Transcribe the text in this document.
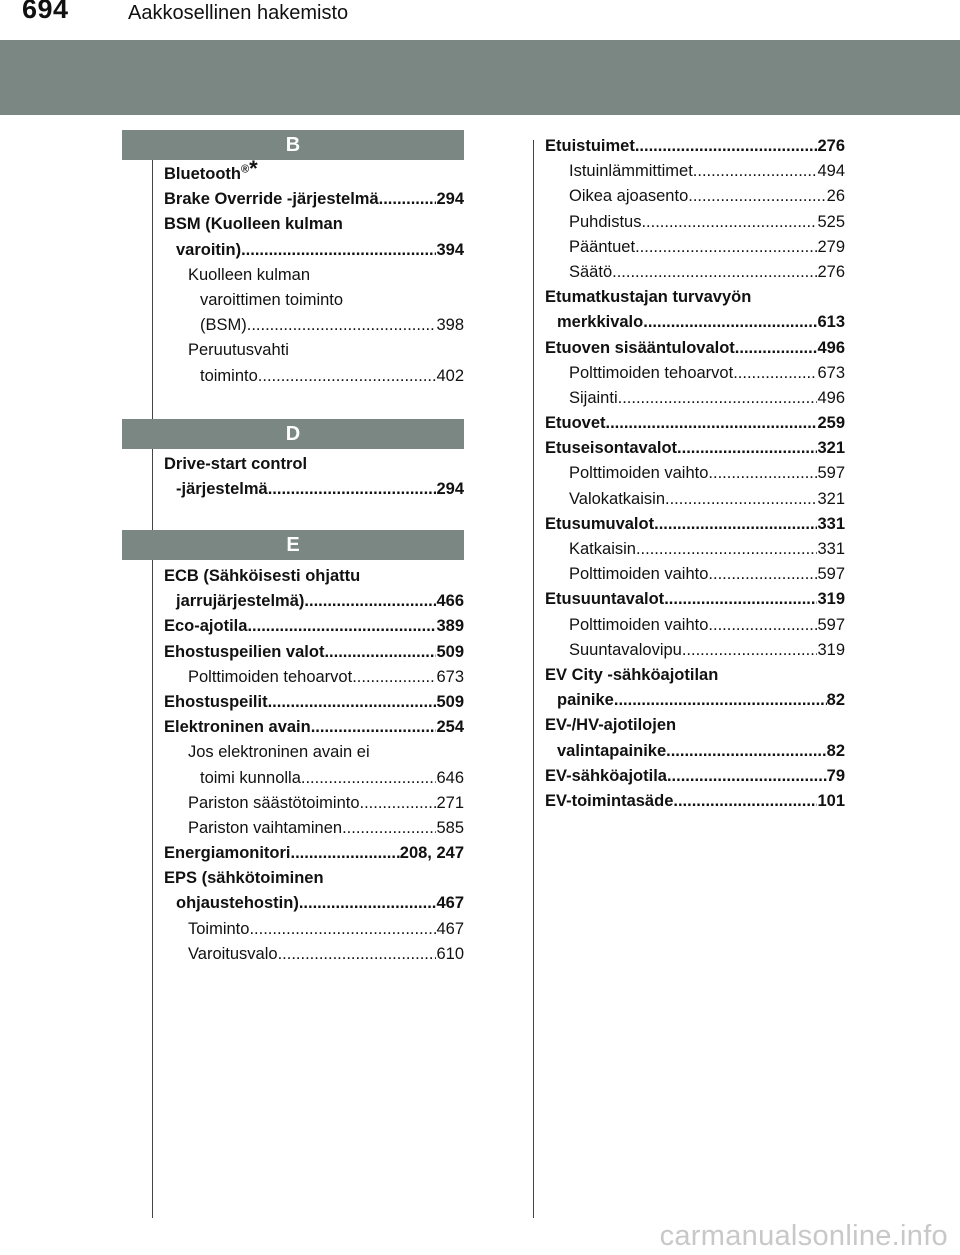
694	Aakkosellinen hakemisto
B
D
E
Bluetooth®*
Brake Override -järjestelmä .....	294
BSM (Kuolleen kulman
varoitin) .....	394
Kuolleen kulman
varoittimen toiminto
(BSM) .....	398
Peruutusvahti
toiminto .....	402
Drive-start control
-järjestelmä .....	294
ECB (Sähköisesti ohjattu
jarrujärjestelmä) .....	466
Eco-ajotila .....	389
Ehostuspeilien valot .....	509
Polttimoiden tehoarvot .....	673
Ehostuspeilit .....	509
Elektroninen avain .....	254
Jos elektroninen avain ei
toimi kunnolla .....	646
Pariston säästötoiminto .....	271
Pariston vaihtaminen .....	585
Energiamonitori .....	208, 247
EPS (sähkötoiminen
ohjaustehostin) .....	467
Toiminto .....	467
Varoitusvalo .....	610
Etuistuimet .....	276
Istuinlämmittimet .....	494
Oikea ajoasento .....	26
Puhdistus .....	525
Pääntuet .....	279
Säätö .....	276
Etumatkustajan turvavyön
merkkivalo .....	613
Etuoven sisääntulovalot .....	496
Polttimoiden tehoarvot .....	673
Sijainti .....	496
Etuovet .....	259
Etuseisontavalot .....	321
Polttimoiden vaihto .....	597
Valokatkaisin .....	321
Etusumuvalot .....	331
Katkaisin .....	331
Polttimoiden vaihto .....	597
Etusuuntavalot .....	319
Polttimoiden vaihto .....	597
Suuntavalovipu .....	319
EV City -sähköajotilan
painike .....	82
EV-/HV-ajotilojen
valintapainike .....	82
EV-sähköajotila .....	79
EV-toimintasäde .....	101
carmanualsonline.info
